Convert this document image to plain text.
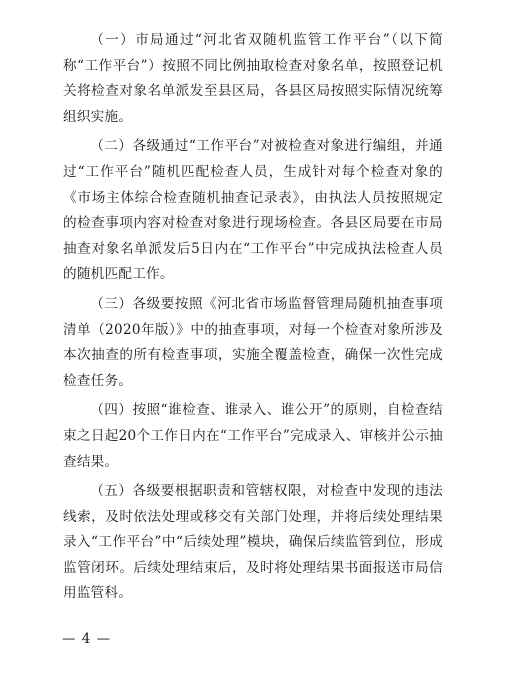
（一）市局通过“河北省双随机监管工作平台”（以下简称“工作平台”）按照不同比例抽取检查对象名单，按照登记机关将检查对象名单派发至县区局，各县区局按照实际情况统筹组织实施。

（二）各级通过“工作平台”对被检查对象进行编组，并通过“工作平台”随机匹配检查人员，生成针对每个检查对象的《市场主体综合检查随机抽查记录表》，由执法人员按照规定的检查事项内容对检查对象进行现场检查。各县区局要在市局抽查对象名单派发后5日内在“工作平台”中完成执法检查人员的随机匹配工作。

（三）各级要按照《河北省市场监督管理局随机抽查事项清单（2020年版）》中的抽查事项，对每一个检查对象所涉及本次抽查的所有检查事项，实施全覆盖检查，确保一次性完成检查任务。

（四）按照“谁检查、谁录入、谁公开”的原则，自检查结束之日起20个工作日内在“工作平台”完成录入、审核并公示抽查结果。

（五）各级要根据职责和管辖权限，对检查中发现的违法线索，及时依法处理或移交有关部门处理，并将后续处理结果录入“工作平台”中“后续处理”模块，确保后续监管到位，形成监管闭环。后续处理结束后，及时将处理结果书面报送市局信用监管科。

— 4 —
